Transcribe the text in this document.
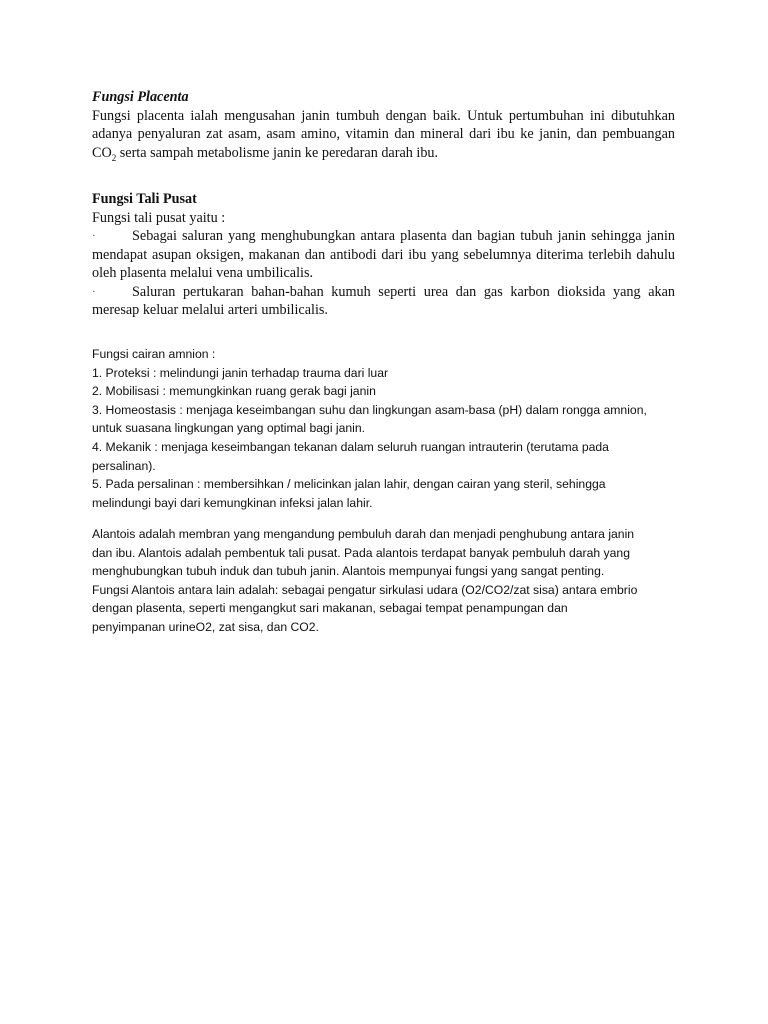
Fungsi Placenta

Fungsi placenta ialah mengusahan janin tumbuh dengan baik. Untuk pertumbuhan ini dibutuhkan adanya penyaluran zat asam, asam amino, vitamin dan mineral dari ibu ke janin, dan pembuangan $CO_2$ serta sampah metabolisme janin ke peredaran darah ibu.

Fungsi Tali Pusat

Fungsi tali pusat yaitu :

·	Sebagai saluran yang menghubungkan antara plasenta dan bagian tubuh janin sehingga janin mendapat asupan oksigen, makanan dan antibodi dari ibu yang sebelumnya diterima terlebih dahulu oleh plasenta melalui vena umbilicalis.

·	Saluran pertukaran bahan-bahan kumuh seperti urea dan gas karbon dioksida yang akan meresap keluar melalui arteri umbilicalis.

Fungsi cairan amnion :

1. Proteksi : melindungi janin terhadap trauma dari luar

2. Mobilisasi : memungkinkan ruang gerak bagi janin

3. Homeostasis : menjaga keseimbangan suhu dan lingkungan asam-basa (pH) dalam rongga amnion,

untuk suasana lingkungan yang optimal bagi janin.

4. Mekanik : menjaga keseimbangan tekanan dalam seluruh ruangan intrauterin (terutama pada

persalinan).

5. Pada persalinan : membersihkan / melicinkan jalan lahir, dengan cairan yang steril, sehingga

melindungi bayi dari kemungkinan infeksi jalan lahir.

Alantois adalah membran yang mengandung pembuluh darah dan menjadi penghubung antara janin

dan ibu. Alantois adalah pembentuk tali pusat. Pada alantois terdapat banyak pembuluh darah yang

menghubungkan tubuh induk dan tubuh janin. Alantois mempunyai fungsi yang sangat penting.

Fungsi Alantois antara lain adalah: sebagai pengatur sirkulasi udara (O2/CO2/zat sisa) antara embrio

dengan plasenta, seperti mengangkut sari makanan, sebagai tempat penampungan dan

penyimpanan urineO2, zat sisa, dan CO2.
